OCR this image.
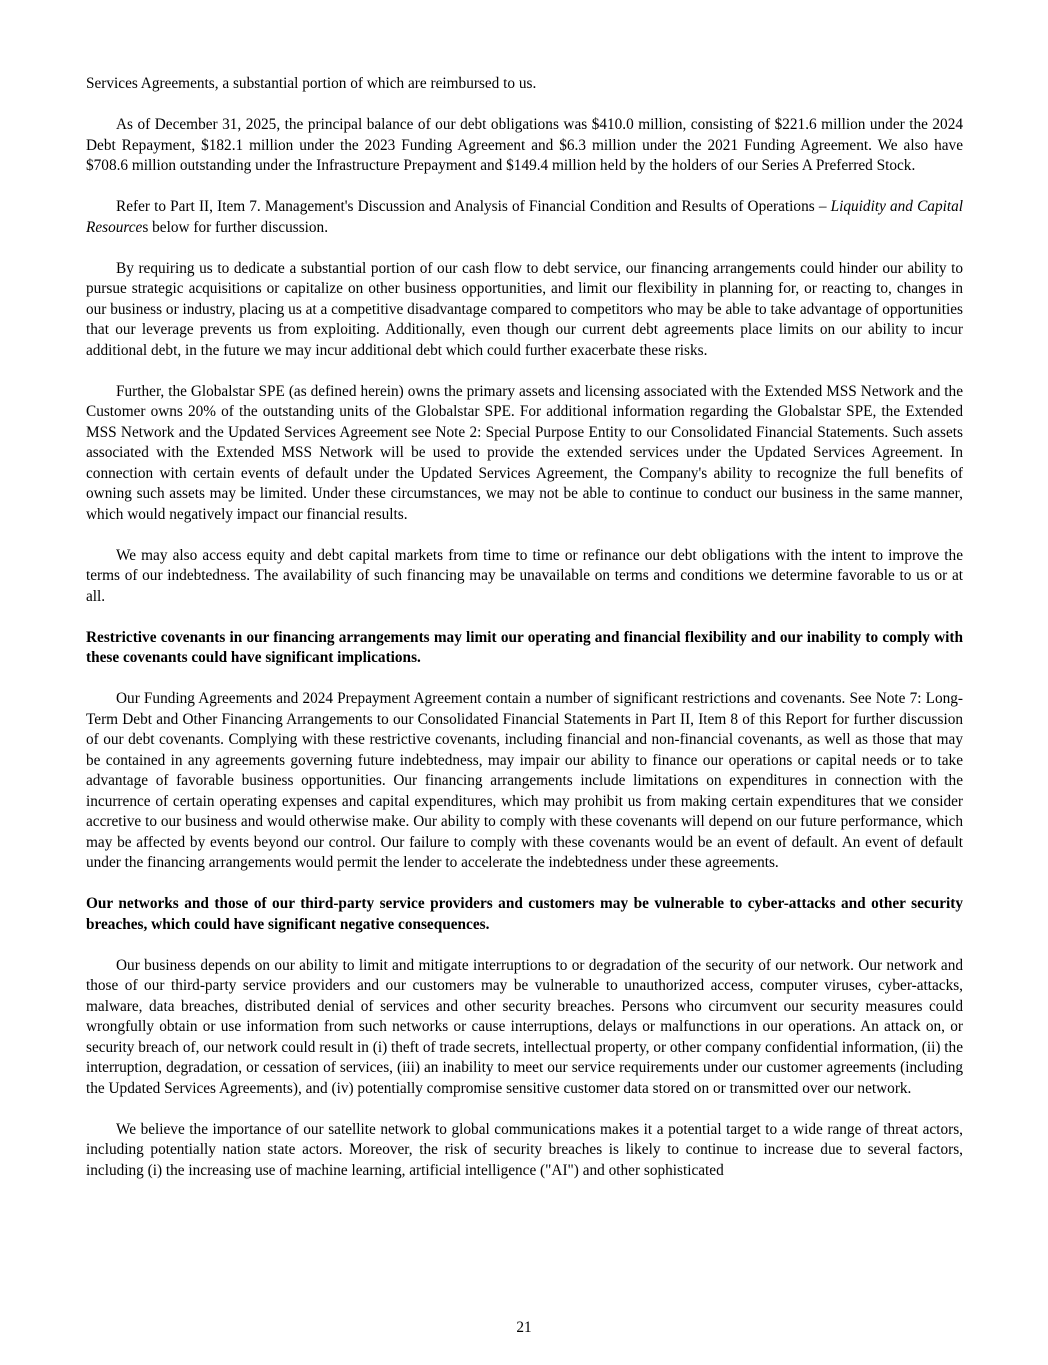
Services Agreements, a substantial portion of which are reimbursed to us.

As of December 31, 2025, the principal balance of our debt obligations was $410.0 million, consisting of $221.6 million under the 2024 Debt Repayment, $182.1 million under the 2023 Funding Agreement and $6.3 million under the 2021 Funding Agreement. We also have $708.6 million outstanding under the Infrastructure Prepayment and $149.4 million held by the holders of our Series A Preferred Stock.

Refer to Part II, Item 7. Management's Discussion and Analysis of Financial Condition and Results of Operations – Liquidity and Capital Resources below for further discussion.

By requiring us to dedicate a substantial portion of our cash flow to debt service, our financing arrangements could hinder our ability to pursue strategic acquisitions or capitalize on other business opportunities, and limit our flexibility in planning for, or reacting to, changes in our business or industry, placing us at a competitive disadvantage compared to competitors who may be able to take advantage of opportunities that our leverage prevents us from exploiting. Additionally, even though our current debt agreements place limits on our ability to incur additional debt, in the future we may incur additional debt which could further exacerbate these risks.

Further, the Globalstar SPE (as defined herein) owns the primary assets and licensing associated with the Extended MSS Network and the Customer owns 20% of the outstanding units of the Globalstar SPE. For additional information regarding the Globalstar SPE, the Extended MSS Network and the Updated Services Agreement see Note 2: Special Purpose Entity to our Consolidated Financial Statements. Such assets associated with the Extended MSS Network will be used to provide the extended services under the Updated Services Agreement. In connection with certain events of default under the Updated Services Agreement, the Company's ability to recognize the full benefits of owning such assets may be limited. Under these circumstances, we may not be able to continue to conduct our business in the same manner, which would negatively impact our financial results.

We may also access equity and debt capital markets from time to time or refinance our debt obligations with the intent to improve the terms of our indebtedness. The availability of such financing may be unavailable on terms and conditions we determine favorable to us or at all.

Restrictive covenants in our financing arrangements may limit our operating and financial flexibility and our inability to comply with these covenants could have significant implications.

Our Funding Agreements and 2024 Prepayment Agreement contain a number of significant restrictions and covenants. See Note 7: Long-Term Debt and Other Financing Arrangements to our Consolidated Financial Statements in Part II, Item 8 of this Report for further discussion of our debt covenants. Complying with these restrictive covenants, including financial and non-financial covenants, as well as those that may be contained in any agreements governing future indebtedness, may impair our ability to finance our operations or capital needs or to take advantage of favorable business opportunities. Our financing arrangements include limitations on expenditures in connection with the incurrence of certain operating expenses and capital expenditures, which may prohibit us from making certain expenditures that we consider accretive to our business and would otherwise make. Our ability to comply with these covenants will depend on our future performance, which may be affected by events beyond our control. Our failure to comply with these covenants would be an event of default. An event of default under the financing arrangements would permit the lender to accelerate the indebtedness under these agreements.

Our networks and those of our third-party service providers and customers may be vulnerable to cyber-attacks and other security breaches, which could have significant negative consequences.

Our business depends on our ability to limit and mitigate interruptions to or degradation of the security of our network. Our network and those of our third-party service providers and our customers may be vulnerable to unauthorized access, computer viruses, cyber-attacks, malware, data breaches, distributed denial of services and other security breaches. Persons who circumvent our security measures could wrongfully obtain or use information from such networks or cause interruptions, delays or malfunctions in our operations. An attack on, or security breach of, our network could result in (i) theft of trade secrets, intellectual property, or other company confidential information, (ii) the interruption, degradation, or cessation of services, (iii) an inability to meet our service requirements under our customer agreements (including the Updated Services Agreements), and (iv) potentially compromise sensitive customer data stored on or transmitted over our network.

We believe the importance of our satellite network to global communications makes it a potential target to a wide range of threat actors, including potentially nation state actors. Moreover, the risk of security breaches is likely to continue to increase due to several factors, including (i) the increasing use of machine learning, artificial intelligence ("AI") and other sophisticated

21
